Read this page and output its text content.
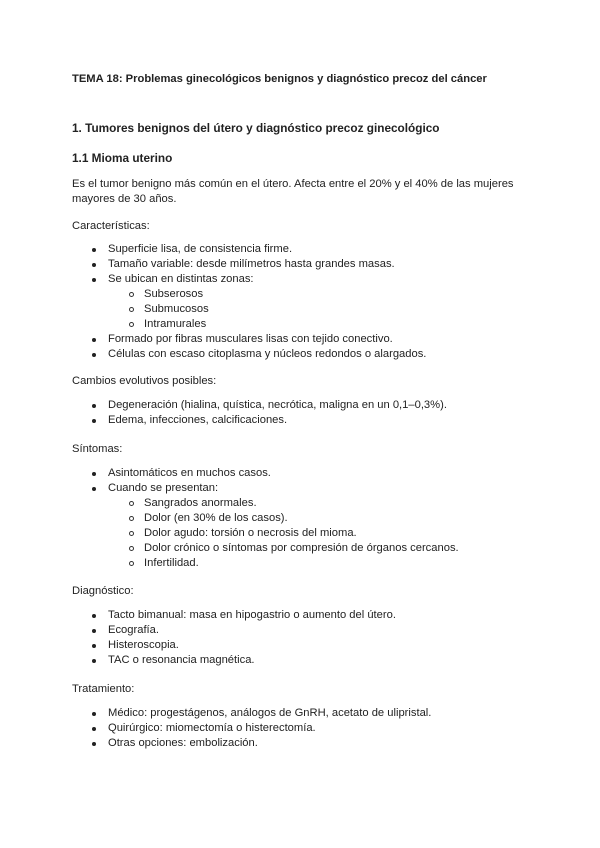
TEMA 18: Problemas ginecológicos benignos y diagnóstico precoz del cáncer
1. Tumores benignos del útero y diagnóstico precoz ginecológico
1.1 Mioma uterino
Es el tumor benigno más común en el útero. Afecta entre el 20% y el 40% de las mujeres mayores de 30 años.
Características:
Superficie lisa, de consistencia firme.
Tamaño variable: desde milímetros hasta grandes masas.
Se ubican en distintas zonas:
Subserosos
Submucosos
Intramurales
Formado por fibras musculares lisas con tejido conectivo.
Células con escaso citoplasma y núcleos redondos o alargados.
Cambios evolutivos posibles:
Degeneración (hialina, quística, necrótica, maligna en un 0,1–0,3%).
Edema, infecciones, calcificaciones.
Síntomas:
Asintomáticos en muchos casos.
Cuando se presentan:
Sangrados anormales.
Dolor (en 30% de los casos).
Dolor agudo: torsión o necrosis del mioma.
Dolor crónico o síntomas por compresión de órganos cercanos.
Infertilidad.
Diagnóstico:
Tacto bimanual: masa en hipogastrio o aumento del útero.
Ecografía.
Histeroscopia.
TAC o resonancia magnética.
Tratamiento:
Médico: progestágenos, análogos de GnRH, acetato de ulipristal.
Quirúrgico: miomectomía o histerectomía.
Otras opciones: embolización.
